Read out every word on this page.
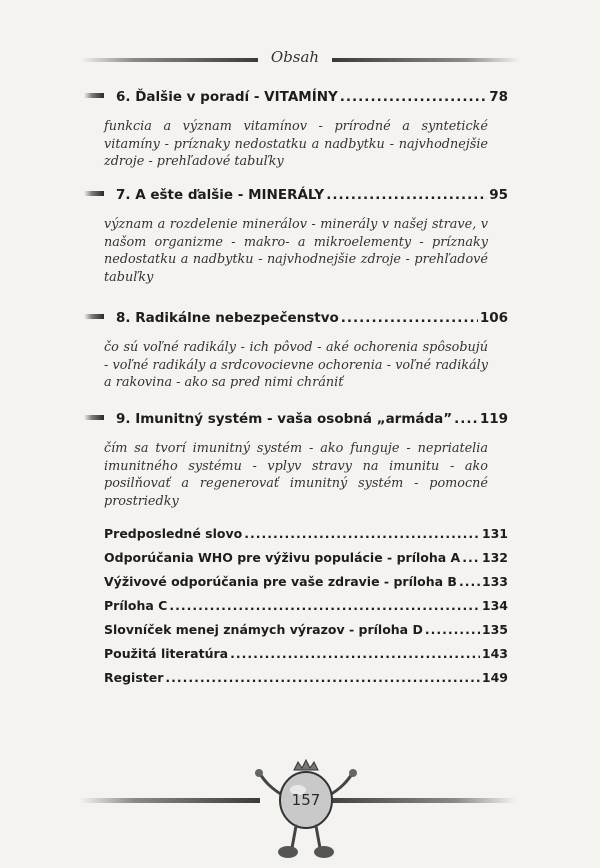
Obsah
6. Ďalšie v poradí - VITAMÍNY .....	78
funkcia a význam vitamínov - prírodné a syntetické vitamíny - príznaky nedostatku a nadbytku - najvhodnejšie zdroje - prehľadové tabuľky
7. A ešte ďalšie - MINERÁLY .....	95
význam a rozdelenie minerálov - minerály v našej strave, v našom organizme - makro- a mikroelementy - príznaky nedostatku a nadbytku - najvhodnejšie zdroje - prehľadové tabuľky
8. Radikálne nebezpečenstvo .....	106
čo sú voľné radikály - ich pôvod - aké ochorenia spôsobujú - voľné radikály a srdcovocievne ochorenia - voľné radikály a rakovina - ako sa pred nimi chrániť
9. Imunitný systém - vaša osobná „armáda” ..... 119
čím sa tvorí imunitný systém - ako funguje - nepriatelia imunitného systému - vplyv stravy na imunitu - ako posilňovať a regenerovať imunitný systém - pomocné prostriedky
Predposledné slovo .....	131
Odporúčania WHO pre výživu populácie - príloha A ..... 132
Výživové odporúčania pre vaše zdravie - príloha B ..... 133
Príloha C .....	134
Slovníček menej známych výrazov - príloha D .....	135
Použitá literatúra .....	143
Register .....	149
157
